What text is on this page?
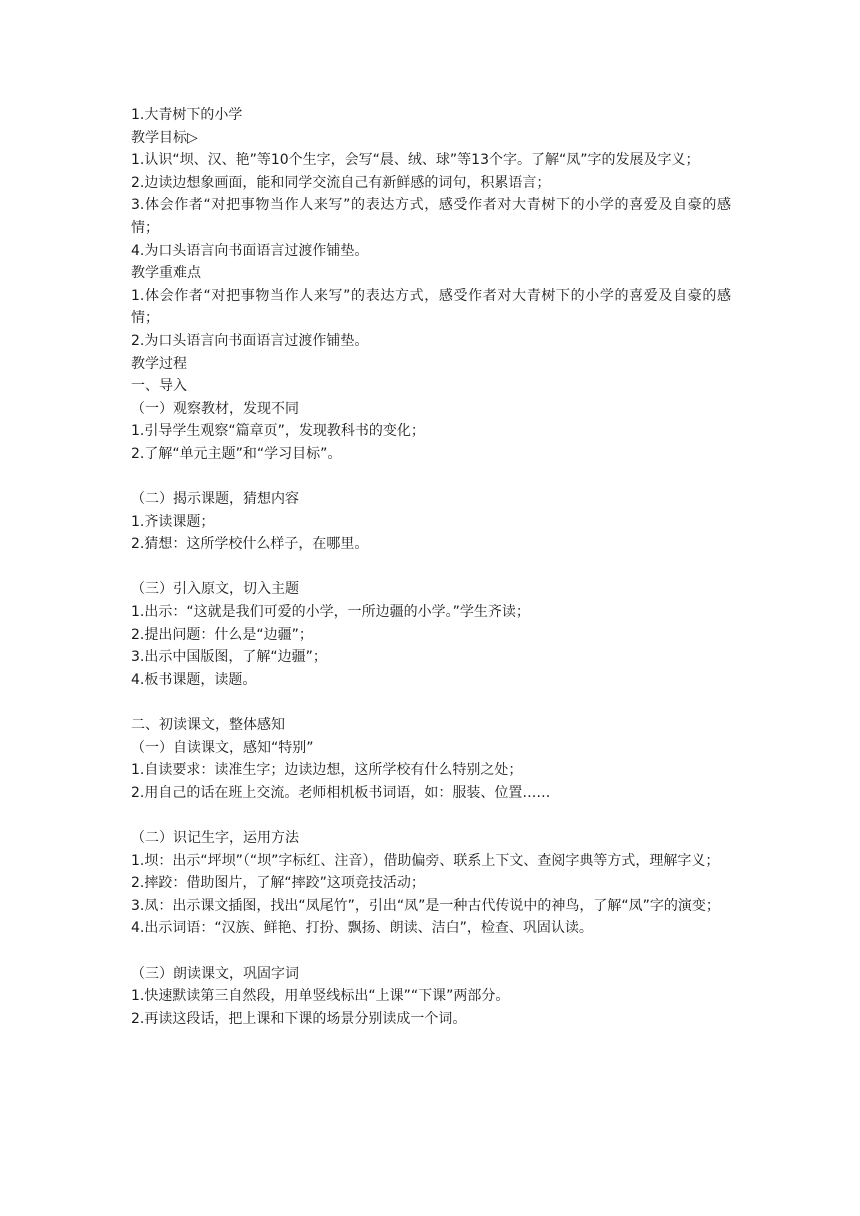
1.大青树下的小学
教学目标▷
1.认识“坝、汉、艳”等10个生字，会写“晨、绒、球”等13个字。了解“凤”字的发展及字义；
2.边读边想象画面，能和同学交流自己有新鲜感的词句，积累语言；
3.体会作者“对把事物当作人来写”的表达方式，感受作者对大青树下的小学的喜爱及自豪的感情；
4.为口头语言向书面语言过渡作铺垫。
教学重难点
1.体会作者“对把事物当作人来写”的表达方式，感受作者对大青树下的小学的喜爱及自豪的感情；
2.为口头语言向书面语言过渡作铺垫。
教学过程
一、导入
（一）观察教材，发现不同
1.引导学生观察“篇章页”，发现教科书的变化；
2.了解“单元主题”和“学习目标”。
（二）揭示课题，猜想内容
1.齐读课题；
2.猜想：这所学校什么样子，在哪里。
（三）引入原文，切入主题
1.出示：“这就是我们可爱的小学，一所边疆的小学。”学生齐读；
2.提出问题：什么是“边疆”；
3.出示中国版图，了解“边疆”；
4.板书课题，读题。
二、初读课文，整体感知
（一）自读课文，感知“特别”
1.自读要求：读准生字；边读边想，这所学校有什么特别之处；
2.用自己的话在班上交流。老师相机板书词语，如：服装、位置……
（二）识记生字，运用方法
1.坝：出示“坪坝”（“坝”字标红、注音），借助偏旁、联系上下文、查阅字典等方式，理解字义；
2.摔跤：借助图片，了解“摔跤”这项竞技活动；
3.凤：出示课文插图，找出“凤尾竹”，引出“凤”是一种古代传说中的神鸟，了解“凤”字的演变；
4.出示词语：“汉族、鲜艳、打扮、飘扬、朗读、洁白”，检查、巩固认读。
（三）朗读课文，巩固字词
1.快速默读第三自然段，用单竖线标出“上课”“下课”两部分。
2.再读这段话，把上课和下课的场景分别读成一个词。
